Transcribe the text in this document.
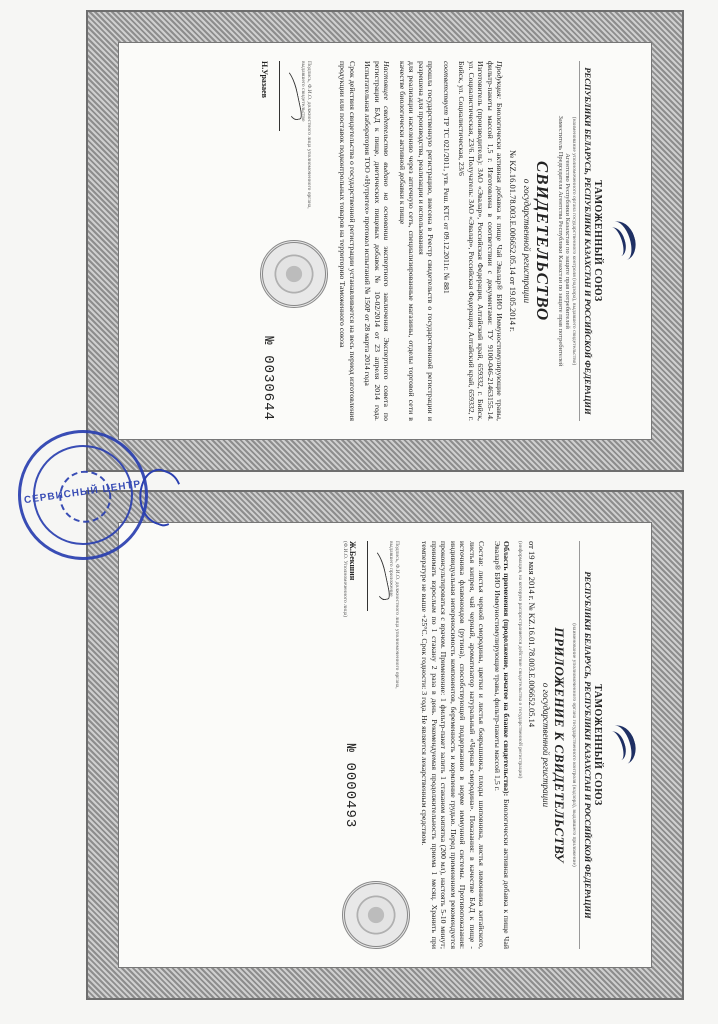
ТАМОЖЕННЫЙ СОЮЗ
РЕСПУБЛИКИ БЕЛАРУСЬ, РЕСПУБЛИКИ КАЗАХСТАН И РОССИЙСКОЙ ФЕДЕРАЦИИ
(наименование уполномоченного органа государственного контроля (надзора), выдавшего свидетельство)
Агентство Республики Казахстан по защите прав потребителей
Заместитель Председателя Агентства Республики Казахстан по защите прав потребителей
СВИДЕТЕЛЬСТВО
о государственной регистрации
№ KZ.16.01.78.003.E.006652.05.14 от 19.05.2014 г.
Продукция: Биологически активная добавка к пище Чай Эвалар® БИО Иммуностимулирующие травы, фильтр-пакеты массой 1,5 г. Изготовлена в соответствии с документами: ТУ 9100-046-21463155-14. Изготовитель (производитель): ЗАО «Эвалар», Российская Федерация, Алтайский край, 659332, г. Бийск, ул. Социалистическая, 23/6. Получатель: ЗАО «Эвалар», Российская Федерация, Алтайский край, 659332, г. Бийск, ул. Социалистическая, 23/6
соответствует ТР ТС 021/2011, утв. Реш. КТС от 09.12.2011г. № 881
прошла государственную регистрацию, внесена в Реестр свидетельств о государственной регистрации и разрешена для производства, реализации и использования
для реализации населению через аптечную сеть, специализированные магазины, отделы торговой сети в качестве биологически активной добавки к пище
Настоящее свидетельство выдано на основании экспертного заключения Экспертного совета по регистрации БАД к пище, диетических пищевых добавок № 10-02/2014 от 23 апреля 2014 года. Испытательная лаборатория ТОО «Нутритех» протокол испытаний № 150Р от 28 марта 2014 года
Срок действия свидетельства о государственной регистрации устанавливается на весь период изготовления продукции или поставок подконтрольных товаров на территорию Таможенного союза
Подпись, Ф.И.О. должностного лица уполномоченного органа, выдавшего свидетельство
Н.Уразаев
№ 0030644
ТАМОЖЕННЫЙ СОЮЗ
РЕСПУБЛИКИ БЕЛАРУСЬ, РЕСПУБЛИКИ КАЗАХСТАН И РОССИЙСКОЙ ФЕДЕРАЦИИ
(наименование уполномоченного органа государственного контроля (надзора), выдавшего приложение)
ПРИЛОЖЕНИЕ К СВИДЕТЕЛЬСТВУ
о государственной регистрации
от 19 мая 2014 г. № KZ.16.01.78.003.E.006652.05.14
(информация, на которую распространяется действие свидетельства о государственной регистрации)
Область применения (продолжение, начатое на бланке свидетельства): Биологически активная добавка к пище Чай Эвалар® БИО Иммуностимулирующие травы, фильтр-пакеты массой 1,5 г.
Состав: листья черной смородины, цветки и листья боярышника, плоды шиповника, листья лимонника китайского, листья кипрея, чай черный, ароматизатор натуральный «Черная смородина». Показания: в качестве БАД к пище - источника флавоноидов (рутина), способствующей поддержанию в норме иммунной системы. Противопоказания: индивидуальная непереносимость компонентов, беременность и кормление грудью. Перед применением рекомендуется проконсультироваться с врачом. Применение: 1 фильтр-пакет залить 1 стаканом кипятка (200 мл), настоять 5-10 минут; принимать взрослым по 1 стакану 2 раза в день. Рекомендуемая продолжительность приема 1 месяц. Хранить при температуре не выше +25°С. Срок годности: 3 года. Не является лекарственным средством.
Подпись, Ф.И.О. должностного лица уполномоченного органа, выдавшего приложение
Ж.Бекшин
(Ф.И.О. Уполномоченного лица)
№ 0000493
СЕРВИСНЫЙ ЦЕНТР
